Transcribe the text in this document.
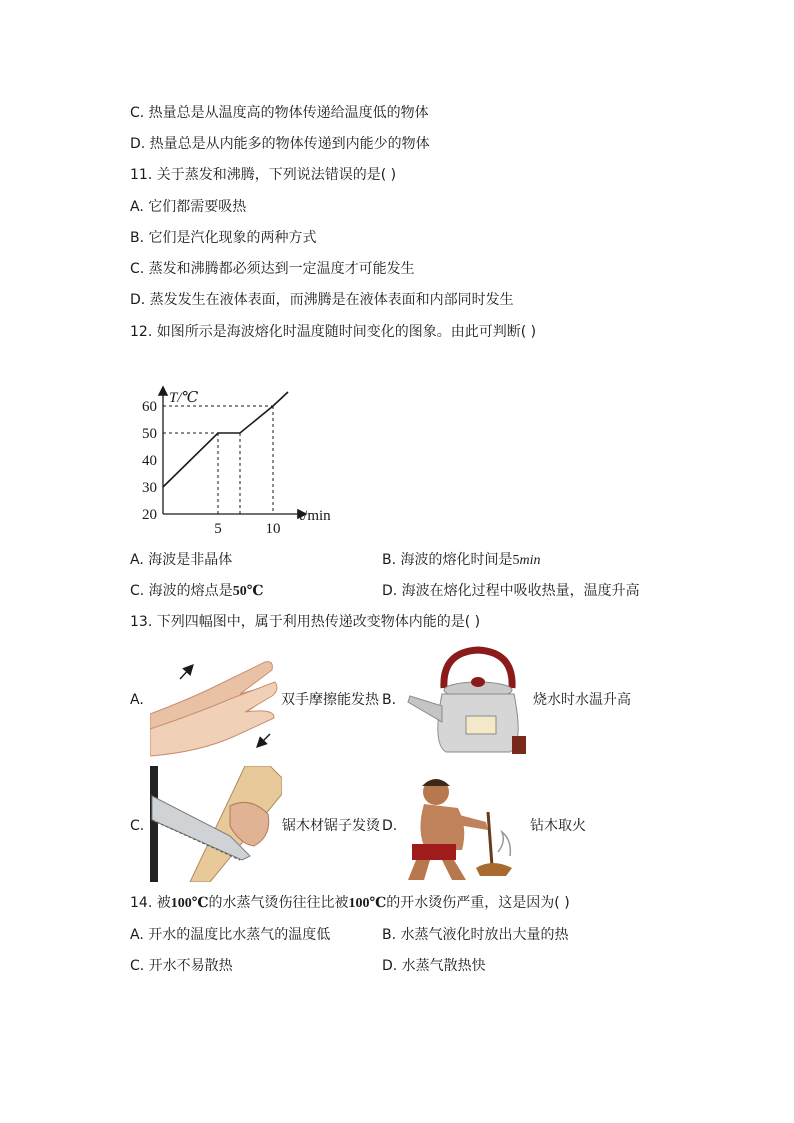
C. 热量总是从温度高的物体传递给温度低的物体
D. 热量总是从内能多的物体传递到内能少的物体
11. 关于蒸发和沸腾，下列说法错误的是( )
A. 它们都需要吸热
B. 它们是汽化现象的两种方式
C. 蒸发和沸腾都必须达到一定温度才可能发生
D. 蒸发发生在液体表面，而沸腾是在液体表面和内部同时发生
12. 如图所示是海波熔化时温度随时间变化的图象。由此可判断( )
60
50
40
30
20
5	10
T/℃
t/min
A. 海波是非晶体	B. 海波的熔化时间是5min
C. 海波的熔点是50℃	D. 海波在熔化过程中吸收热量，温度升高
13. 下列四幅图中，属于利用热传递改变物体内能的是( )
A.	双手摩擦能发热 B.	烧水时水温升高
C.	锯木材锯子发烫 D.	钻木取火
14. 被100℃的水蒸气烫伤往往比被100℃的开水烫伤严重，这是因为( )
A. 开水的温度比水蒸气的温度低	B. 水蒸气液化时放出大量的热
C. 开水不易散热	D. 水蒸气散热快
